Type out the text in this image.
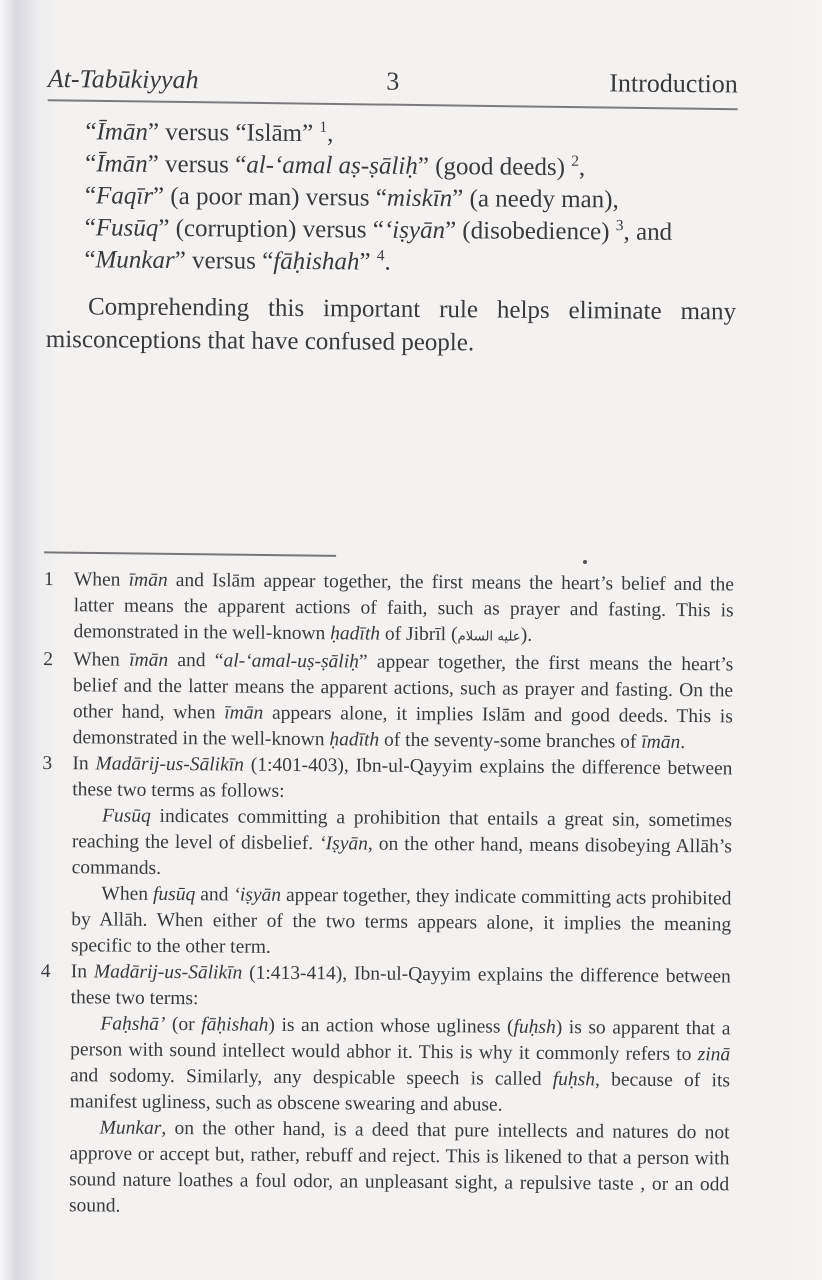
At-Tabūkiyyah	3	Introduction
“Īmān” versus “Islām” $^1$,
“Īmān” versus “al-‘amal aṣ-ṣāliḥ” (good deeds) $^2$,
“Faqīr” (a poor man) versus “miskīn” (a needy man),
“Fusūq” (corruption) versus “‘iṣyān” (disobedience) $^3$, and
“Munkar” versus “fāḥishah” $^4$.

Comprehending this important rule helps eliminate many misconceptions that have confused people.

1	When īmān and Islām appear together, the first means the heart’s belief and the latter means the apparent actions of faith, such as prayer and fasting. This is demonstrated in the well-known ḥadīth of Jibrīl (عليه السلام).

2	When īmān and “al-‘amal-uṣ-ṣāliḥ” appear together, the first means the heart’s belief and the latter means the apparent actions, such as prayer and fasting. On the other hand, when īmān appears alone, it implies Islām and good deeds. This is demonstrated in the well-known ḥadīth of the seventy-some branches of īmān.

3	In Madārij-us-Sālikīn (1:401-403), Ibn-ul-Qayyim explains the difference between these two terms as follows:

Fusūq indicates committing a prohibition that entails a great sin, sometimes reaching the level of disbelief. ‘Iṣyān, on the other hand, means disobeying Allāh’s commands.

When fusūq and ‘iṣyān appear together, they indicate committing acts prohibited by Allāh. When either of the two terms appears alone, it implies the meaning specific to the other term.

4	In Madārij-us-Sālikīn (1:413-414), Ibn-ul-Qayyim explains the difference between these two terms:

Faḥshā’ (or fāḥishah) is an action whose ugliness (fuḥsh) is so apparent that a person with sound intellect would abhor it. This is why it commonly refers to zinā and sodomy. Similarly, any despicable speech is called fuḥsh, because of its manifest ugliness, such as obscene swearing and abuse.

Munkar, on the other hand, is a deed that pure intellects and natures do not approve or accept but, rather, rebuff and reject. This is likened to that a person with sound nature loathes a foul odor, an unpleasant sight, a repulsive taste , or an odd sound.
